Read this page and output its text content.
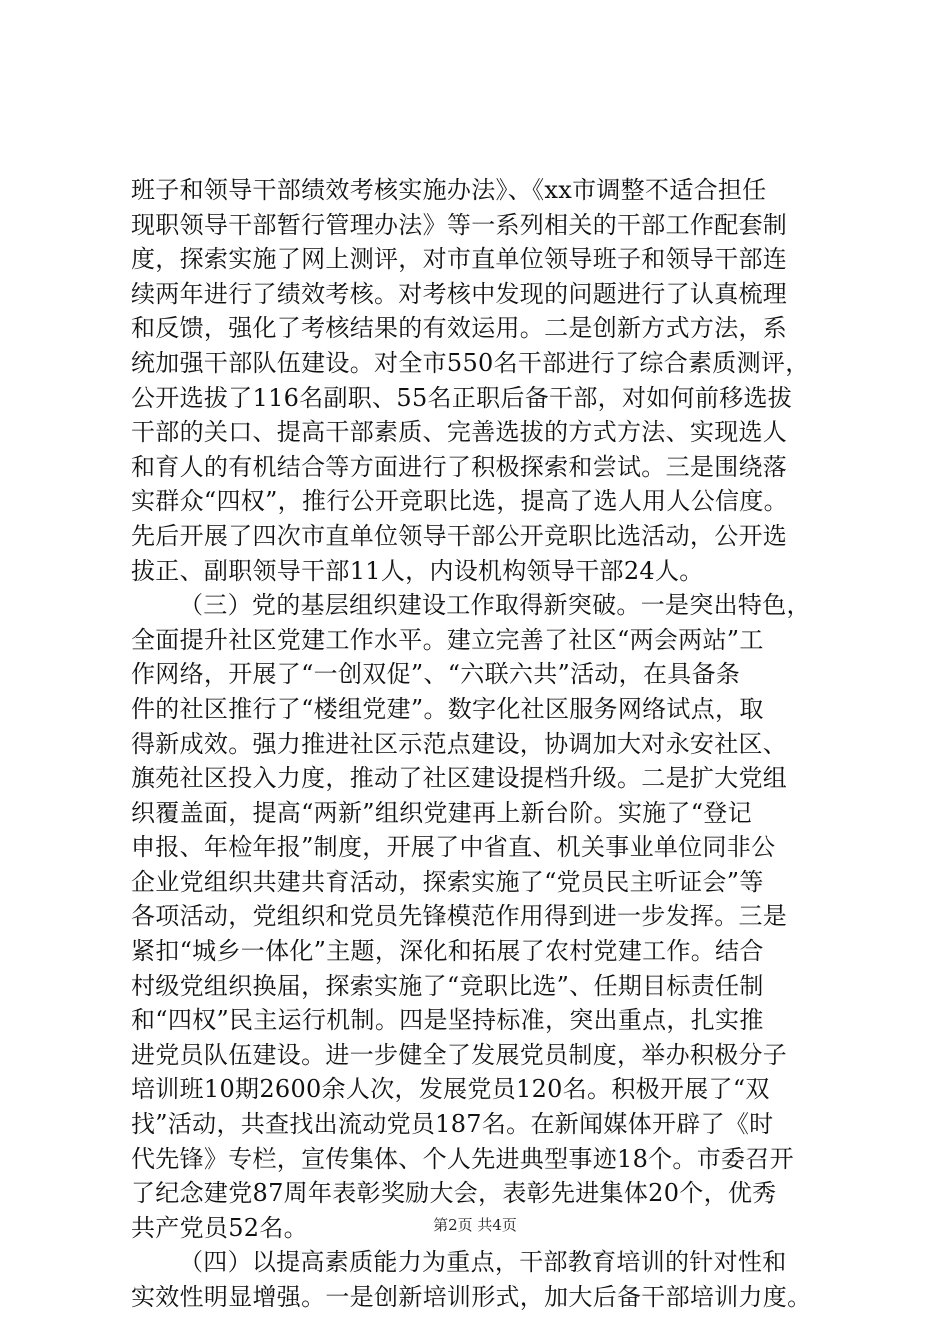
班子和领导干部绩效考核实施办法》、《xx市调整不适合担任
现职领导干部暂行管理办法》等一系列相关的干部工作配套制
度，探索实施了网上测评，对市直单位领导班子和领导干部连
续两年进行了绩效考核。对考核中发现的问题进行了认真梳理
和反馈，强化了考核结果的有效运用。二是创新方式方法，系
统加强干部队伍建设。对全市550名干部进行了综合素质测评，
公开选拔了116名副职、55名正职后备干部，对如何前移选拔
干部的关口、提高干部素质、完善选拔的方式方法、实现选人
和育人的有机结合等方面进行了积极探索和尝试。三是围绕落
实群众“四权”，推行公开竞职比选，提高了选人用人公信度。
先后开展了四次市直单位领导干部公开竞职比选活动，公开选
拔正、副职领导干部11人，内设机构领导干部24人。
（三）党的基层组织建设工作取得新突破。一是突出特色，
全面提升社区党建工作水平。建立完善了社区“两会两站”工
作网络，开展了“一创双促”、“六联六共”活动，在具备条
件的社区推行了“楼组党建”。数字化社区服务网络试点，取
得新成效。强力推进社区示范点建设，协调加大对永安社区、
旗苑社区投入力度，推动了社区建设提档升级。二是扩大党组
织覆盖面，提高“两新”组织党建再上新台阶。实施了“登记
申报、年检年报”制度，开展了中省直、机关事业单位同非公
企业党组织共建共育活动，探索实施了“党员民主听证会”等
各项活动，党组织和党员先锋模范作用得到进一步发挥。三是
紧扣“城乡一体化”主题，深化和拓展了农村党建工作。结合
村级党组织换届，探索实施了“竞职比选”、任期目标责任制
和“四权”民主运行机制。四是坚持标准，突出重点，扎实推
进党员队伍建设。进一步健全了发展党员制度，举办积极分子
培训班10期2600余人次，发展党员120名。积极开展了“双
找”活动，共查找出流动党员187名。在新闻媒体开辟了《时
代先锋》专栏，宣传集体、个人先进典型事迹18个。市委召开
了纪念建党87周年表彰奖励大会，表彰先进集体20个，优秀
共产党员52名。
（四）以提高素质能力为重点，干部教育培训的针对性和
实效性明显增强。一是创新培训形式，加大后备干部培训力度。
第2页 共4页
